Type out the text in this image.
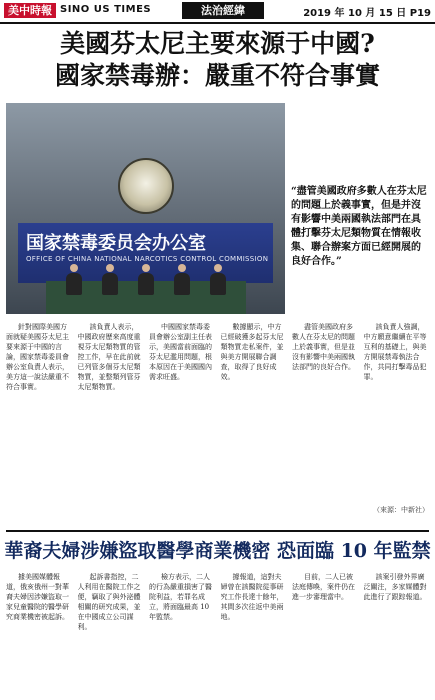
美中時報 SINO US TIMES	法治經緯	2019 年 10 月 15 日 P19
美國芬太尼主要來源于中國?
國家禁毒辦：嚴重不符合事實
国家禁毒委员会办公室
OFFICE OF CHINA NATIONAL NARCOTICS CONTROL COMMISSION
“盡管美國政府多數人在芬太尼的問題上於義事實，但是并沒有影響中美兩國執法部門在具體打擊芬太尼類物質在情報收集、聯合辦案方面已經開展的良好合作。”

針對國際美國方面就疑美國芬太尼主要來源于中國的言論，國家禁毒委員會辦公室負責人表示，美方這一說法嚴重不符合事實。

該負責人表示，中國政府歷來高度重視芬太尼類物質的管控工作，早在此前就已列管多個芬太尼類物質，並整類列管芬太尼類物質。

中國國家禁毒委員會辦公室副主任表示，美國當前面臨的芬太尼濫用問題，根本原因在于美國國內需求旺盛。

數據顯示，中方已經破獲多起芬太尼類物質走私案件，並與美方開展聯合調查，取得了良好成效。

盡管美國政府多數人在芬太尼的問題上於義事實，但是並沒有影響中美兩國執法部門的良好合作。

該負責人強調，中方願意繼續在平等互利的基礎上，與美方開展禁毒執法合作，共同打擊毒品犯罪。

（來源：中新社）
華裔夫婦涉嫌盜取醫學商業機密 恐面臨 10 年監禁

據美國媒體報道，俄亥俄州一對華裔夫婦因涉嫌盜取一家兒童醫院的醫學研究商業機密被起訴。

起訴書指控，二人利用在醫院工作之便，竊取了與外泌體相關的研究成果，並在中國成立公司謀利。

檢方表示，二人的行為嚴重損害了醫院利益，若罪名成立，將面臨最高 10 年監禁。

據報道，這對夫婦曾在該醫院從事研究工作長達十餘年，其間多次往返中美兩地。

目前，二人已被法庭傳喚，案件仍在進一步審理當中。

該案引發外界廣泛關注，多家媒體對此進行了跟踪報道。
